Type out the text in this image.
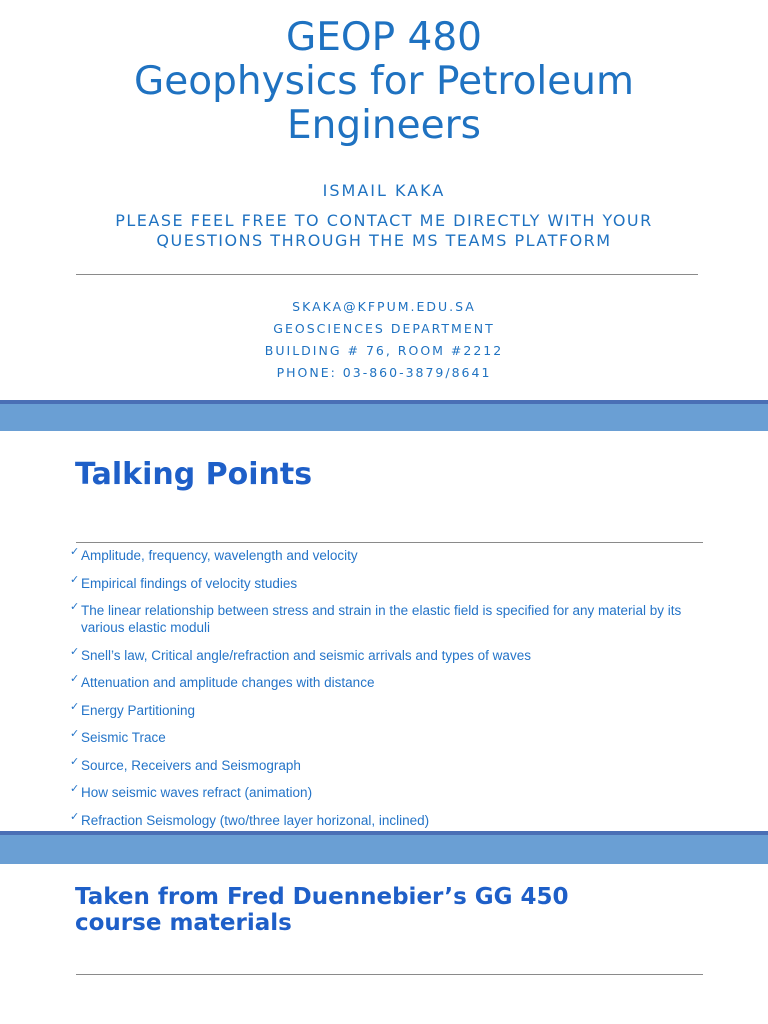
GEOP 480
Geophysics for Petroleum
Engineers
ISMAIL KAKA
PLEASE FEEL FREE TO CONTACT ME DIRECTLY WITH YOUR
QUESTIONS THROUGH THE MS TEAMS PLATFORM
SKAKA@KFPUM.EDU.SA
GEOSCIENCES DEPARTMENT
BUILDING # 76, ROOM #2212
PHONE: 03-860-3879/8641
Talking Points
✓ Amplitude, frequency, wavelength and velocity
✓ Empirical findings of velocity studies
✓ The linear relationship between stress and strain in the elastic field is specified for any material by its various elastic moduli
✓ Snell’s law, Critical angle/refraction and seismic arrivals and types of waves
✓ Attenuation and amplitude changes with distance
✓ Energy Partitioning
✓ Seismic Trace
✓ Source, Receivers and Seismograph
✓ How seismic waves refract (animation)
✓ Refraction Seismology (two/three layer horizonal, inclined)
Taken from Fred Duennebier’s GG 450
course materials
